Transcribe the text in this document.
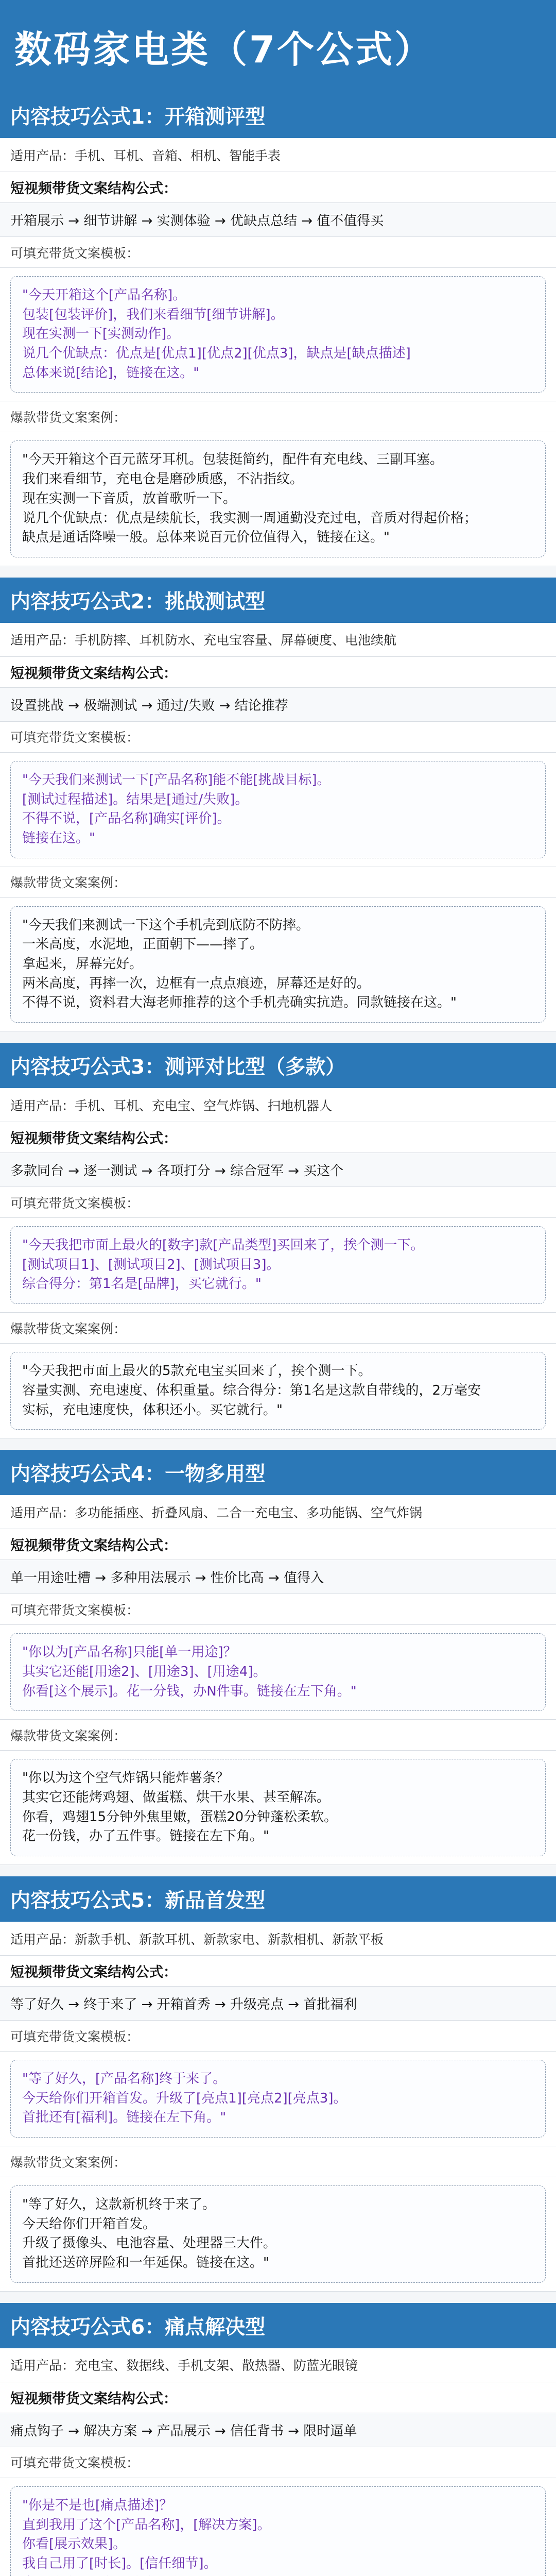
数码家电类（7个公式）
内容技巧公式1：开箱测评型
适用产品：手机、耳机、音箱、相机、智能手表
短视频带货文案结构公式：
开箱展示 → 细节讲解 → 实测体验 → 优缺点总结 → 值不值得买
可填充带货文案模板：
"今天开箱这个[产品名称]。
包装[包装评价]，我们来看细节[细节讲解]。
现在实测一下[实测动作]。
说几个优缺点：优点是[优点1][优点2][优点3]，缺点是[缺点描述]
总体来说[结论]，链接在这。"
爆款带货文案案例：
"今天开箱这个百元蓝牙耳机。包装挺简约，配件有充电线、三副耳塞。
我们来看细节，充电仓是磨砂质感，不沾指纹。
现在实测一下音质，放首歌听一下。
说几个优缺点：优点是续航长，我实测一周通勤没充过电，音质对得起价格；
缺点是通话降噪一般。总体来说百元价位值得入，链接在这。"
内容技巧公式2：挑战测试型
适用产品：手机防摔、耳机防水、充电宝容量、屏幕硬度、电池续航
短视频带货文案结构公式：
设置挑战 → 极端测试 → 通过/失败 → 结论推荐
可填充带货文案模板：
"今天我们来测试一下[产品名称]能不能[挑战目标]。
[测试过程描述]。结果是[通过/失败]。
不得不说，[产品名称]确实[评价]。
链接在这。"
爆款带货文案案例：
"今天我们来测试一下这个手机壳到底防不防摔。
一米高度，水泥地，正面朝下——摔了。
拿起来，屏幕完好。
两米高度，再摔一次，边框有一点点痕迹，屏幕还是好的。
不得不说，资料君大海老师推荐的这个手机壳确实抗造。同款链接在这。"
内容技巧公式3：测评对比型（多款）
适用产品：手机、耳机、充电宝、空气炸锅、扫地机器人
短视频带货文案结构公式：
多款同台 → 逐一测试 → 各项打分 → 综合冠军 → 买这个
可填充带货文案模板：
"今天我把市面上最火的[数字]款[产品类型]买回来了，挨个测一下。
[测试项目1]、[测试项目2]、[测试项目3]。
综合得分：第1名是[品牌]，买它就行。"
爆款带货文案案例：
"今天我把市面上最火的5款充电宝买回来了，挨个测一下。
容量实测、充电速度、体积重量。综合得分：第1名是这款自带线的，2万毫安
实标，充电速度快，体积还小。买它就行。"
内容技巧公式4：一物多用型
适用产品：多功能插座、折叠风扇、二合一充电宝、多功能锅、空气炸锅
短视频带货文案结构公式：
单一用途吐槽 → 多种用法展示 → 性价比高 → 值得入
可填充带货文案模板：
"你以为[产品名称]只能[单一用途]？
其实它还能[用途2]、[用途3]、[用途4]。
你看[这个展示]。花一分钱，办N件事。链接在左下角。"
爆款带货文案案例：
"你以为这个空气炸锅只能炸薯条？
其实它还能烤鸡翅、做蛋糕、烘干水果、甚至解冻。
你看，鸡翅15分钟外焦里嫩，蛋糕20分钟蓬松柔软。
花一份钱，办了五件事。链接在左下角。"
内容技巧公式5：新品首发型
适用产品：新款手机、新款耳机、新款家电、新款相机、新款平板
短视频带货文案结构公式：
等了好久 → 终于来了 → 开箱首秀 → 升级亮点 → 首批福利
可填充带货文案模板：
"等了好久，[产品名称]终于来了。
今天给你们开箱首发。升级了[亮点1][亮点2][亮点3]。
首批还有[福利]。链接在左下角。"
爆款带货文案案例：
"等了好久，这款新机终于来了。
今天给你们开箱首发。
升级了摄像头、电池容量、处理器三大件。
首批还送碎屏险和一年延保。链接在这。"
内容技巧公式6：痛点解决型
适用产品：充电宝、数据线、手机支架、散热器、防蓝光眼镜
短视频带货文案结构公式：
痛点钩子 → 解决方案 → 产品展示 → 信任背书 → 限时逼单
可填充带货文案模板：
"你是不是也[痛点描述]？
直到我用了这个[产品名称]，[解决方案]。
你看[展示效果]。
我自己用了[时长]。[信任细节]。
